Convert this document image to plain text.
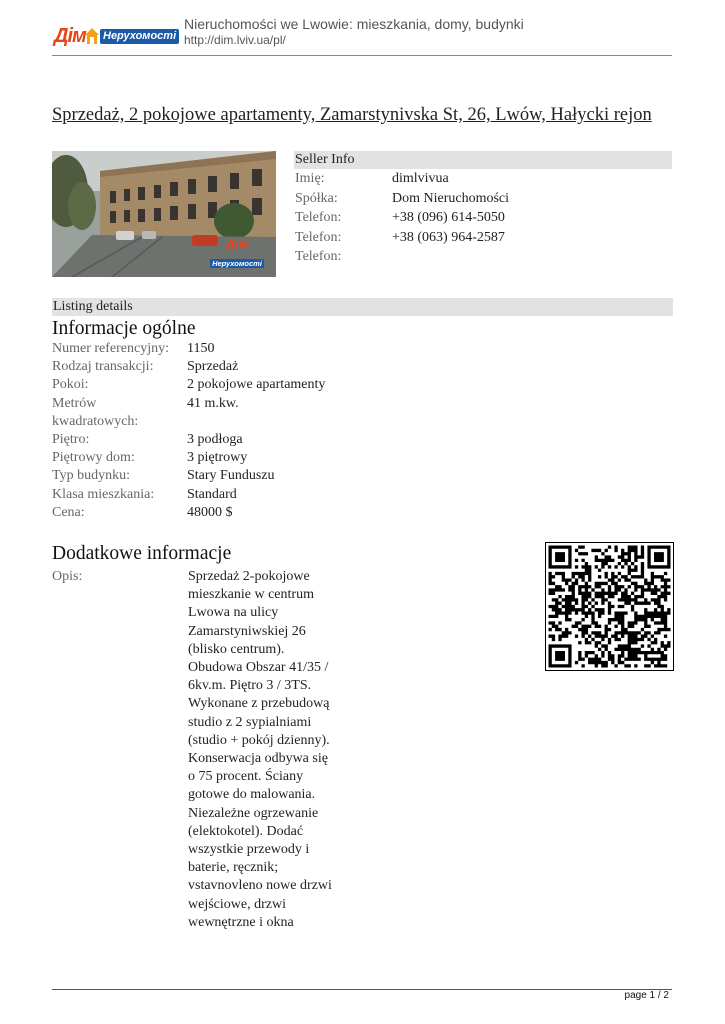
Дім Нерухомості
Nieruchomości we Lwowie: mieszkania, domy, budynki
http://dim.lviv.ua/pl/
Sprzedaż, 2 pokojowe apartamenty, Zamarstynivska St, 26, Lwów, Hałycki rejon
Дім
Нерухомості
Seller Info
Imię:	dimlvivua
Spółka:	Dom Nieruchomości
Telefon:	+38 (096) 614-5050
Telefon:	+38 (063) 964-2587
Telefon:
Listing details
Informacje ogólne
Numer referencyjny: 1150
Rodzaj transakcji: Sprzedaż
Pokoi:	2 pokojowe apartamenty
Metrów kwadratowych:41 m.kw.
Piętro:	3 podłoga
Piętrowy dom:	3 piętrowy
Typ budynku:	Stary Funduszu
Klasa mieszkania: Standard
Cena:	48000 $
Dodatkowe informacje
Opis:	Sprzedaż 2-pokojowe
mieszkanie w centrum
Lwowa na ulicy
Zamarstyniwskiej 26
(blisko centrum).
Obudowa Obszar 41/35 /
6kv.m. Piętro 3 / 3TS.
Wykonane z przebudową
studio z 2 sypialniami
(studio + pokój dzienny).
Konserwacja odbywa się
o 75 procent. Ściany
gotowe do malowania.
Niezależne ogrzewanie
(elektokotel). Dodać
wszystkie przewody i
baterie, ręcznik;
vstavnovleno nowe drzwi
wejściowe, drzwi
wewnętrzne i okna
page 1 / 2
